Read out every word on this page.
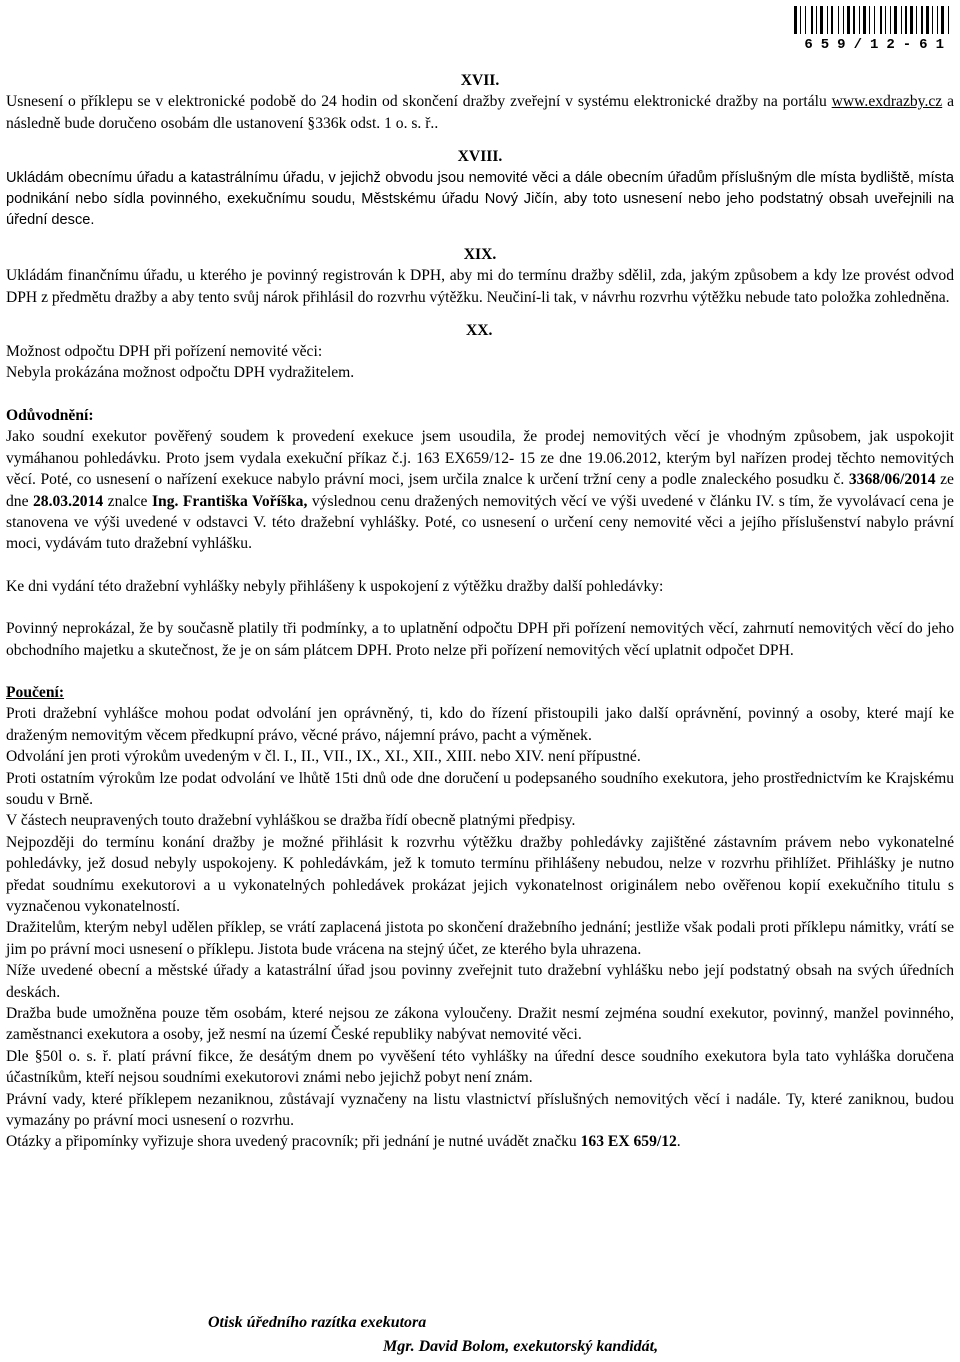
659/12-61
XVII.

Usnesení o příklepu se v elektronické podobě do 24 hodin od skončení dražby zveřejní v systému elektronické dražby na portálu www.exdrazby.cz a následně bude doručeno osobám dle ustanovení §336k odst. 1 o. s. ř..

XVIII.

Ukládám obecnímu úřadu a katastrálnímu úřadu, v jejichž obvodu jsou nemovité věci a dále obecním úřadům příslušným dle místa bydliště, místa podnikání nebo sídla povinného, exekučnímu soudu, Městskému úřadu Nový Jičín, aby toto usnesení nebo jeho podstatný obsah uveřejnili na úřední desce.

XIX.

Ukládám finančnímu úřadu, u kterého je povinný registrován k DPH, aby mi do termínu dražby sdělil, zda, jakým způsobem a kdy lze provést odvod DPH z předmětu dražby a aby tento svůj nárok přihlásil do rozvrhu výtěžku. Neučiní-li tak, v návrhu rozvrhu výtěžku nebude tato položka zohledněna.

XX.

Možnost odpočtu DPH při pořízení nemovité věci:

Nebyla prokázána možnost odpočtu DPH vydražitelem.

Odůvodnění:

Jako soudní exekutor pověřený soudem k provedení exekuce jsem usoudila, že prodej nemovitých věcí je vhodným způsobem, jak uspokojit vymáhanou pohledávku. Proto jsem vydala exekuční příkaz č.j. 163 EX659/12- 15 ze dne 19.06.2012, kterým byl nařízen prodej těchto nemovitých věcí. Poté, co usnesení o nařízení exekuce nabylo právní moci, jsem určila znalce k určení tržní ceny a podle znaleckého posudku č. 3368/06/2014 ze dne 28.03.2014 znalce Ing. Františka Voříška, výslednou cenu dražených nemovitých věcí ve výši uvedené v článku IV. s tím, že vyvolávací cena je stanovena ve výši uvedené v odstavci V. této dražební vyhlášky. Poté, co usnesení o určení ceny nemovité věci a jejího příslušenství nabylo právní moci, vydávám tuto dražební vyhlášku.

Ke dni vydání této dražební vyhlášky nebyly přihlášeny k uspokojení z výtěžku dražby další pohledávky:

Povinný neprokázal, že by současně platily tři podmínky, a to uplatnění odpočtu DPH při pořízení nemovitých věcí, zahrnutí nemovitých věcí do jeho obchodního majetku a skutečnost, že je on sám plátcem DPH. Proto nelze při pořízení nemovitých věcí uplatnit odpočet DPH.

Poučení:

Proti dražební vyhlášce mohou podat odvolání jen oprávněný, ti, kdo do řízení přistoupili jako další oprávnění, povinný a osoby, které mají ke draženým nemovitým věcem předkupní právo, věcné právo, nájemní právo, pacht a výměnek.

Odvolání jen proti výrokům uvedeným v čl. I., II., VII., IX., XI., XII., XIII. nebo XIV. není přípustné.

Proti ostatním výrokům lze podat odvolání ve lhůtě 15ti dnů ode dne doručení u podepsaného soudního exekutora, jeho prostřednictvím ke Krajskému soudu v Brně.

V částech neupravených touto dražební vyhláškou se dražba řídí obecně platnými předpisy.

Nejpozději do termínu konání dražby je možné přihlásit k rozvrhu výtěžku dražby pohledávky zajištěné zástavním právem nebo vykonatelné pohledávky, jež dosud nebyly uspokojeny. K pohledávkám, jež k tomuto termínu přihlášeny nebudou, nelze v rozvrhu přihlížet. Přihlášky je nutno předat soudnímu exekutorovi a u vykonatelných pohledávek prokázat jejich vykonatelnost originálem nebo ověřenou kopií exekučního titulu s vyznačenou vykonatelností.

Dražitelům, kterým nebyl udělen příklep, se vrátí zaplacená jistota po skončení dražebního jednání; jestliže však podali proti příklepu námitky, vrátí se jim po právní moci usnesení o příklepu. Jistota bude vrácena na stejný účet, ze kterého byla uhrazena.

Níže uvedené obecní a městské úřady a katastrální úřad jsou povinny zveřejnit tuto dražební vyhlášku nebo její podstatný obsah na svých úředních deskách.

Dražba bude umožněna pouze těm osobám, které nejsou ze zákona vyloučeny. Dražit nesmí zejména soudní exekutor, povinný, manžel povinného, zaměstnanci exekutora a osoby, jež nesmí na území České republiky nabývat nemovité věci.

Dle §50l o. s. ř. platí právní fikce, že desátým dnem po vyvěšení této vyhlášky na úřední desce soudního exekutora byla tato vyhláška doručena účastníkům, kteří nejsou soudními exekutorovi známi nebo jejichž pobyt není znám.

Právní vady, které příklepem nezaniknou, zůstávají vyznačeny na listu vlastnictví příslušných nemovitých věcí i nadále. Ty, které zaniknou, budou vymazány po právní moci usnesení o rozvrhu.

Otázky a připomínky vyřizuje shora uvedený pracovník; při jednání je nutné uvádět značku 163 EX 659/12.

Otisk úředního razítka exekutora
Mgr. David Bolom, exekutorský kandidát,
